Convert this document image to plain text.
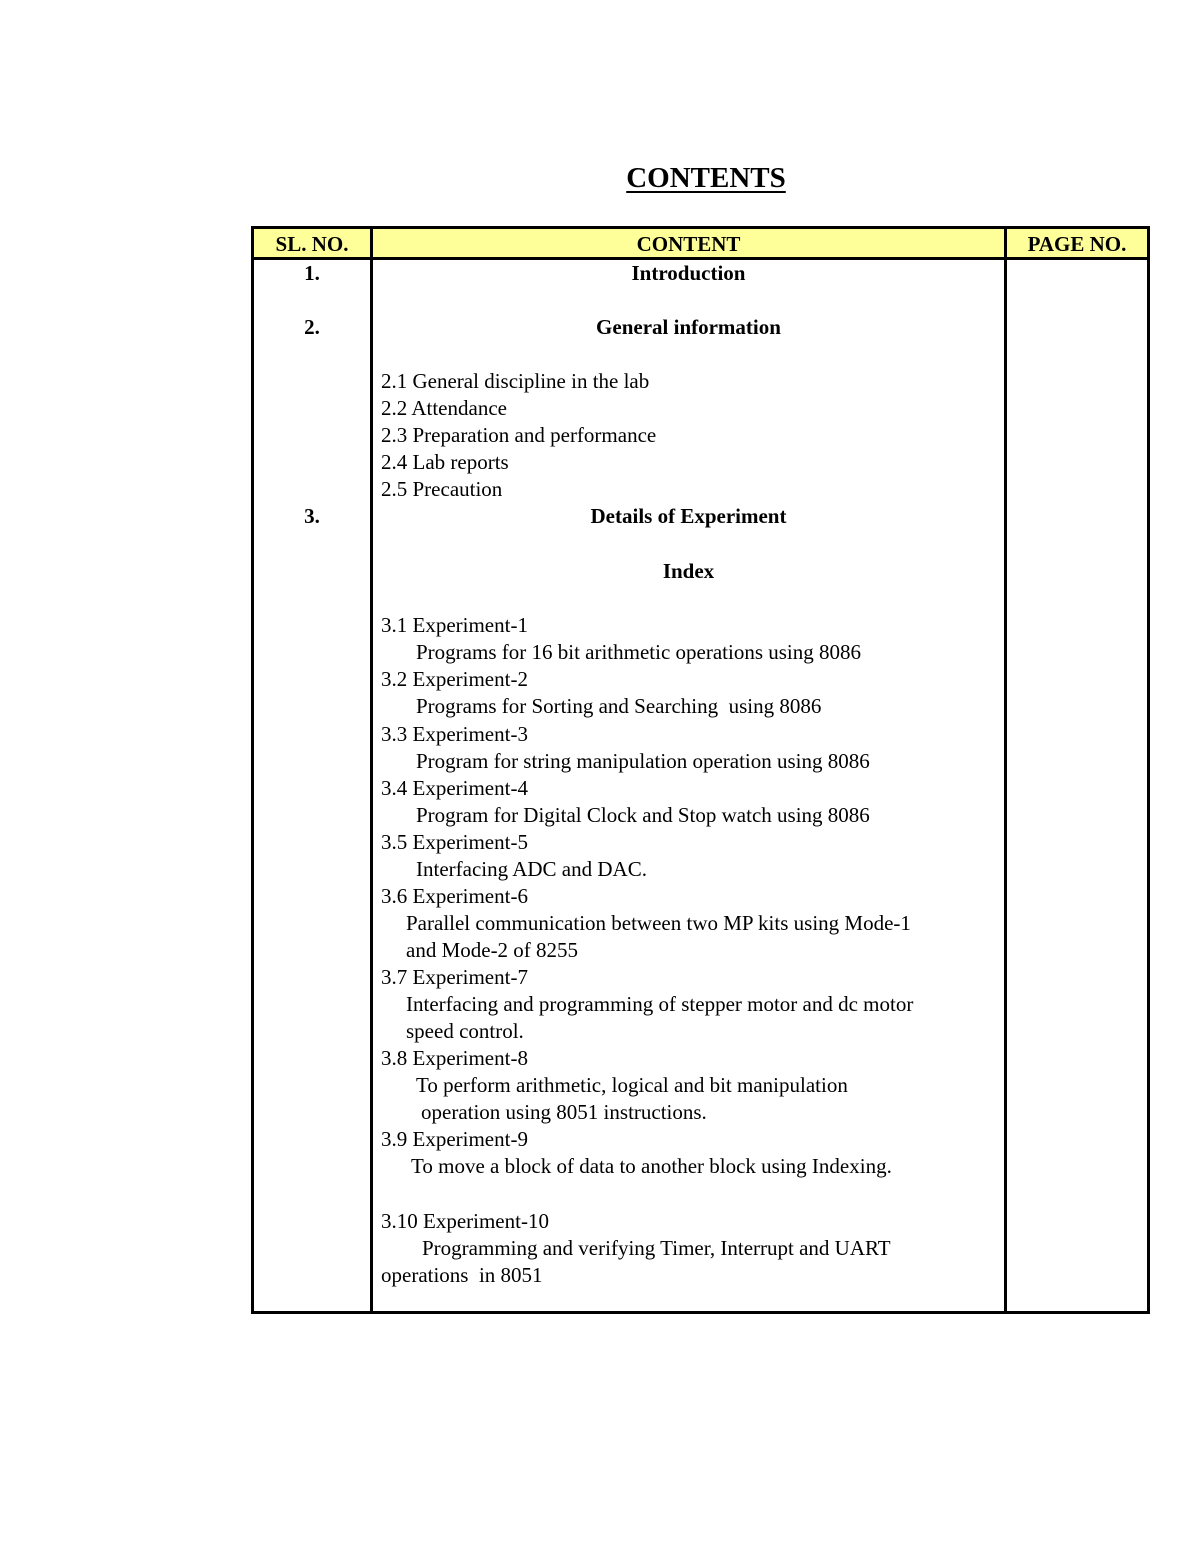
CONTENTS
SL. NO.	CONTENT	PAGE NO.
1.	Introduction
2.	General information
2.1 General discipline in the lab
2.2 Attendance
2.3 Preparation and performance
2.4 Lab reports
2.5 Precaution
3.	Details of Experiment
Index
3.1 Experiment-1
Programs for 16 bit arithmetic operations using 8086
3.2 Experiment-2
Programs for Sorting and Searching  using 8086
3.3 Experiment-3
Program for string manipulation operation using 8086
3.4 Experiment-4
Program for Digital Clock and Stop watch using 8086
3.5 Experiment-5
Interfacing ADC and DAC.
3.6 Experiment-6
Parallel communication between two MP kits using Mode-1
and Mode-2 of 8255
3.7 Experiment-7
Interfacing and programming of stepper motor and dc motor
speed control.
3.8 Experiment-8
To perform arithmetic, logical and bit manipulation
operation using 8051 instructions.
3.9 Experiment-9
To move a block of data to another block using Indexing.
3.10 Experiment-10
Programming and verifying Timer, Interrupt and UART
operations  in 8051
